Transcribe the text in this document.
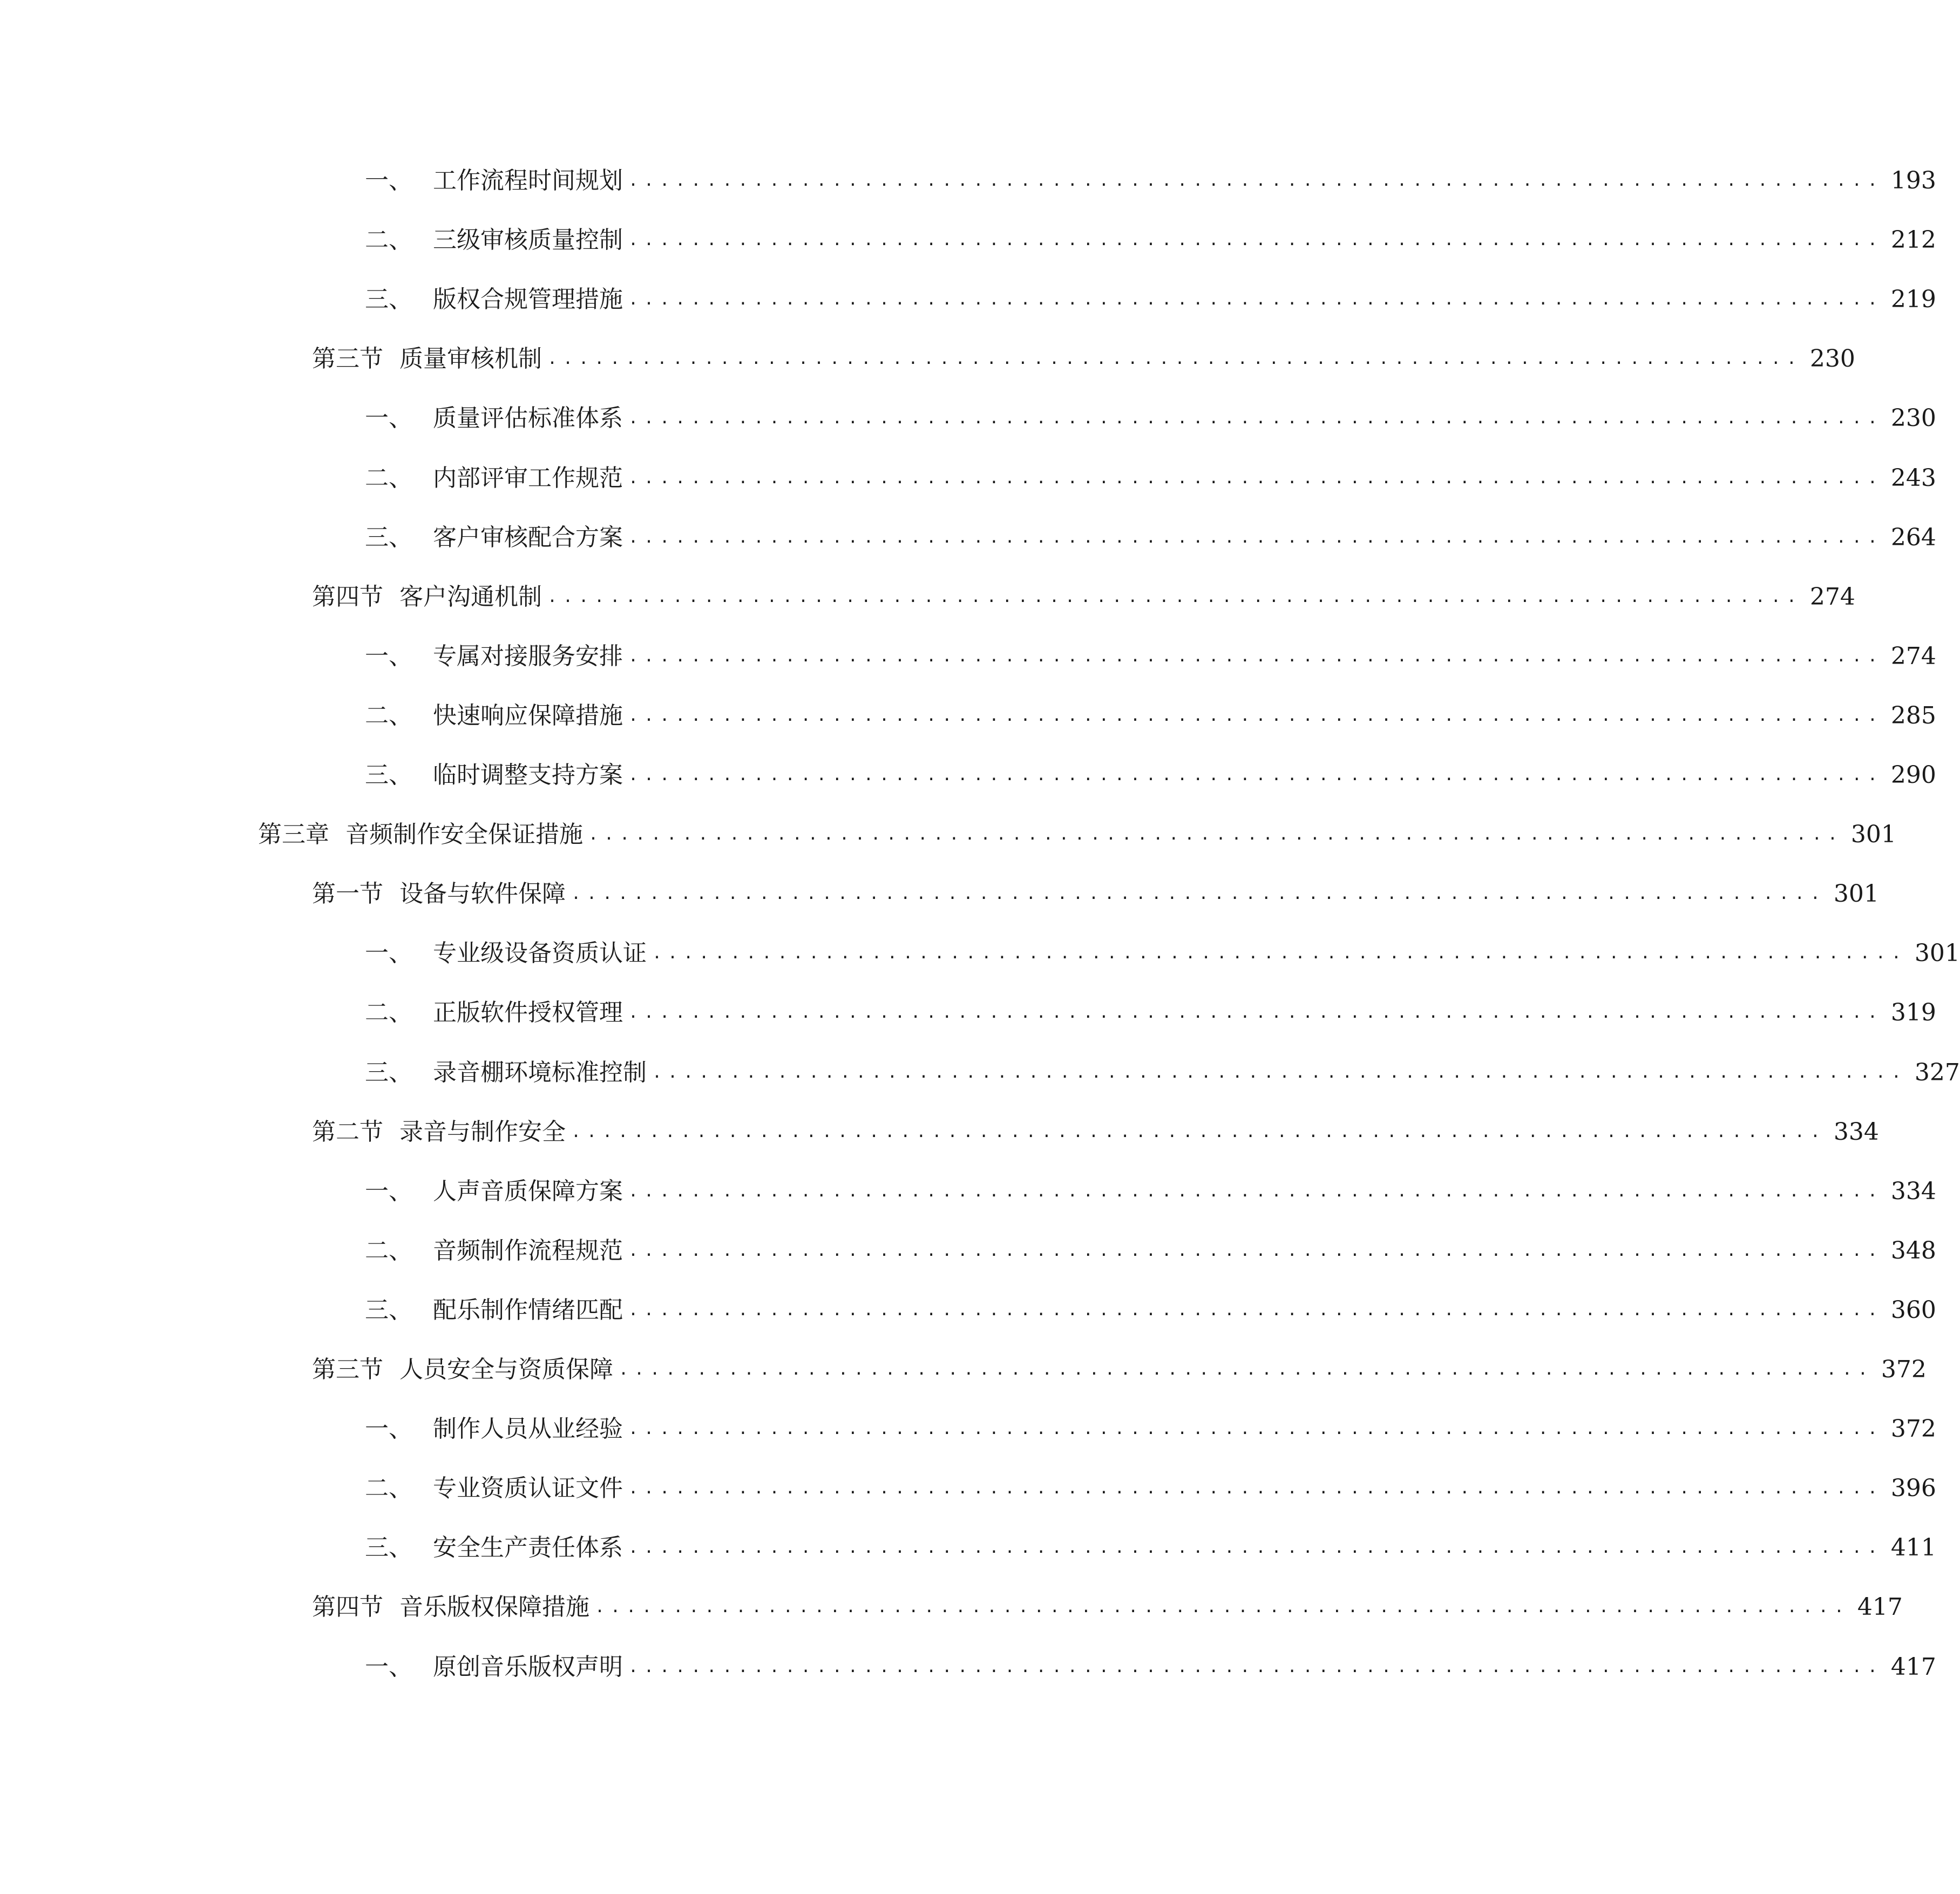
一、 工作流程时间规划 ................................................................................ 193
二、 三级审核质量控制 ................................................................................ 212
三、 版权合规管理措施 ................................................................................ 219
第三节 质量审核机制 ................................................................................ 230
一、 质量评估标准体系 ................................................................................ 230
二、 内部评审工作规范 ................................................................................ 243
三、 客户审核配合方案 ................................................................................ 264
第四节 客户沟通机制 ................................................................................ 274
一、 专属对接服务安排 ................................................................................ 274
二、 快速响应保障措施 ................................................................................ 285
三、 临时调整支持方案 ................................................................................ 290
第三章 音频制作安全保证措施 ................................................................................ 301
第一节 设备与软件保障 ................................................................................ 301
一、 专业级设备资质认证 ................................................................................ 301
二、 正版软件授权管理 ................................................................................ 319
三、 录音棚环境标准控制 ................................................................................ 327
第二节 录音与制作安全 ................................................................................ 334
一、 人声音质保障方案 ................................................................................ 334
二、 音频制作流程规范 ................................................................................ 348
三、 配乐制作情绪匹配 ................................................................................ 360
第三节 人员安全与资质保障 ................................................................................ 372
一、 制作人员从业经验 ................................................................................ 372
二、 专业资质认证文件 ................................................................................ 396
三、 安全生产责任体系 ................................................................................ 411
第四节 音乐版权保障措施 ................................................................................ 417
一、 原创音乐版权声明 ................................................................................ 417
